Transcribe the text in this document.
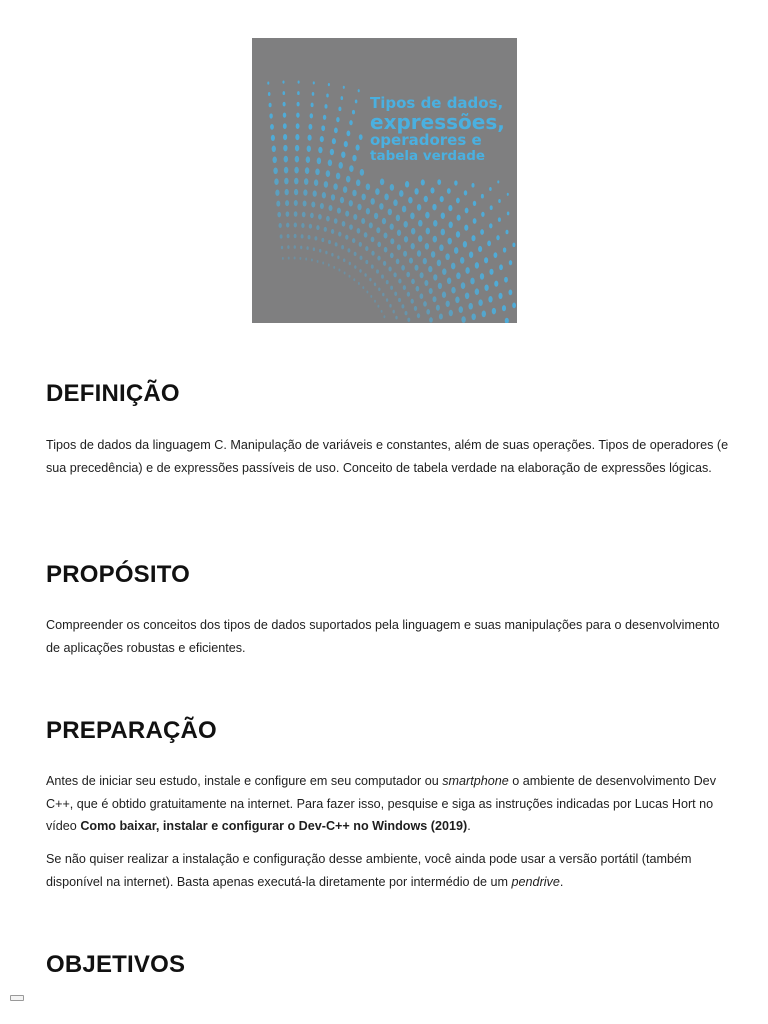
Tipos de dados,
expressões,
operadores e
tabela verdade
DEFINIÇÃO

Tipos de dados da linguagem C. Manipulação de variáveis e constantes, além de suas operações. Tipos de operadores (e sua precedência) e de expressões passíveis de uso. Conceito de tabela verdade na elaboração de expressões lógicas.

PROPÓSITO

Compreender os conceitos dos tipos de dados suportados pela linguagem e suas manipulações para o desenvolvimento de aplicações robustas e eficientes.

PREPARAÇÃO

Antes de iniciar seu estudo, instale e configure em seu computador ou smartphone o ambiente de desenvolvimento Dev C++, que é obtido gratuitamente na internet. Para fazer isso, pesquise e siga as instruções indicadas por Lucas Hort no vídeo Como baixar, instalar e configurar o Dev-C++ no Windows (2019).

Se não quiser realizar a instalação e configuração desse ambiente, você ainda pode usar a versão portátil (também disponível na internet). Basta apenas executá-la diretamente por intermédio de um pendrive.

OBJETIVOS
